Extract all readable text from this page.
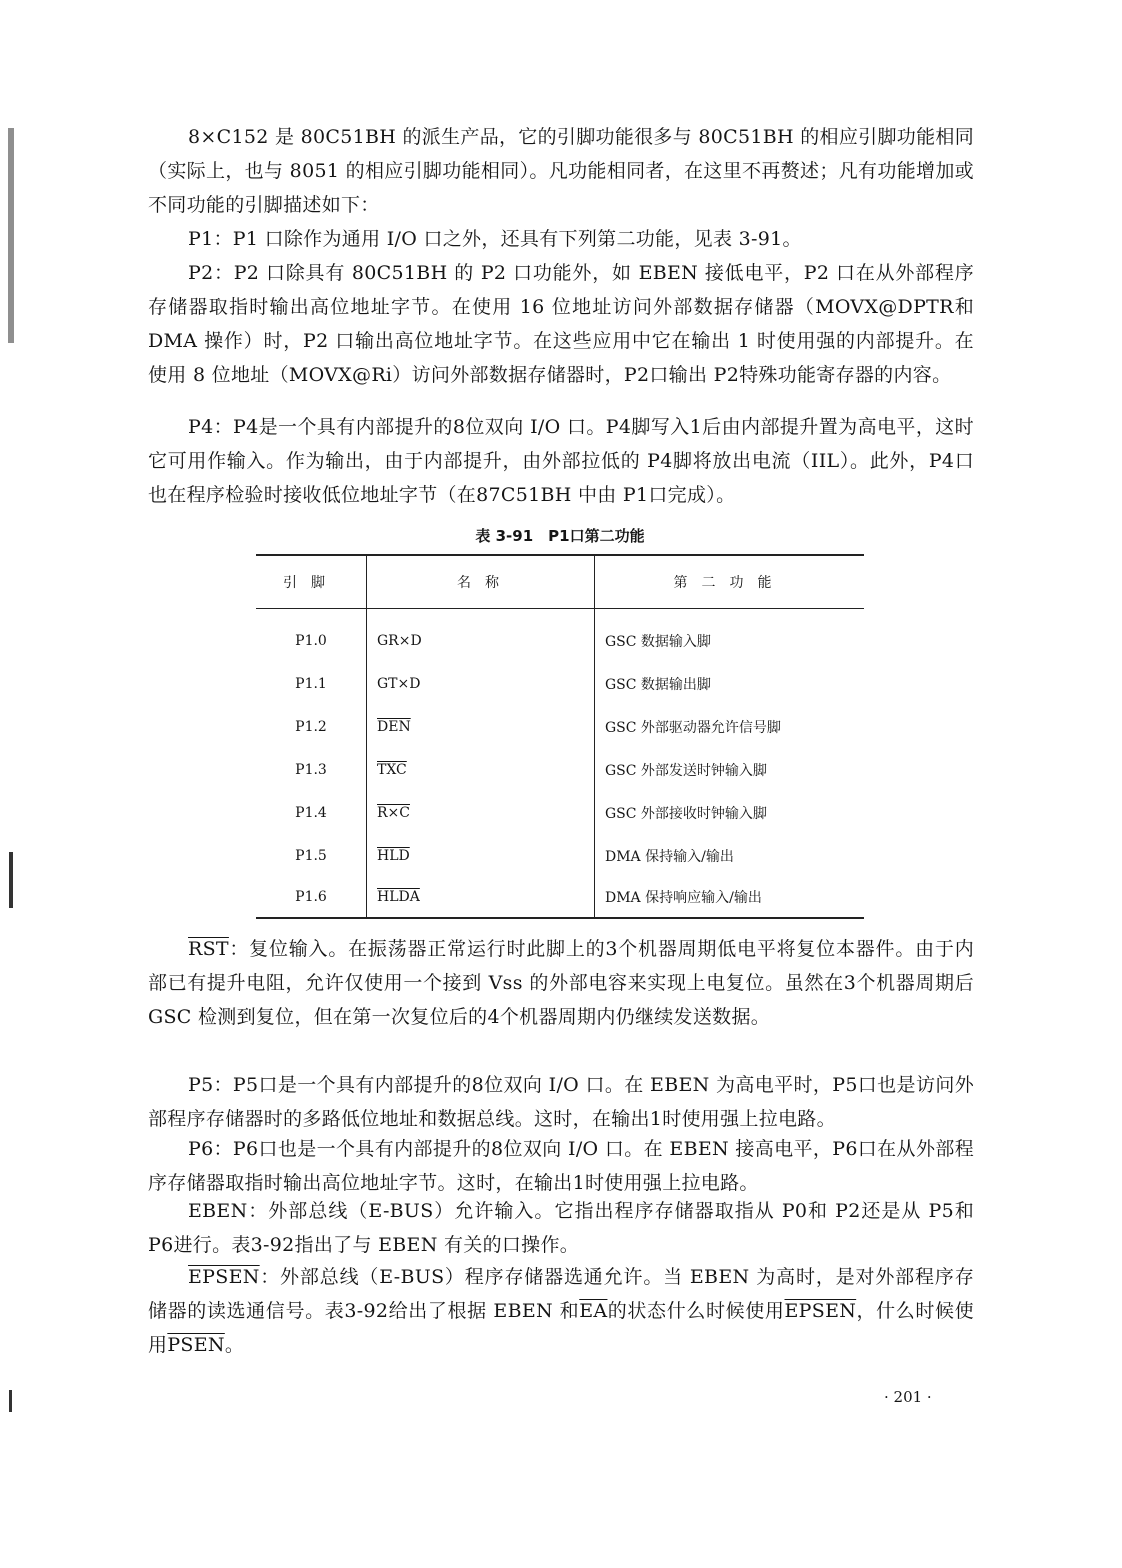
8×C152 是 80C51BH 的派生产品，它的引脚功能很多与 80C51BH 的相应引脚功能相同（实际上，也与 8051 的相应引脚功能相同）。凡功能相同者，在这里不再赘述；凡有功能增加或不同功能的引脚描述如下：

P1：P1 口除作为通用 I/O 口之外，还具有下列第二功能，见表 3-91。

P2：P2 口除具有 80C51BH 的 P2 口功能外，如 EBEN 接低电平，P2 口在从外部程序存储器取指时输出高位地址字节。在使用 16 位地址访问外部数据存储器（MOVX@DPTR和 DMA 操作）时，P2 口输出高位地址字节。在这些应用中它在输出 1 时使用强的内部提升。在使用 8 位地址（MOVX@Ri）访问外部数据存储器时，P2口输出 P2特殊功能寄存器的内容。

P4：P4是一个具有内部提升的8位双向 I/O 口。P4脚写入1后由内部提升置为高电平，这时它可用作输入。作为输出，由于内部提升，由外部拉低的 P4脚将放出电流（IIL）。此外，P4口也在程序检验时接收低位地址字节（在87C51BH 中由 P1口完成）。

表 3-91　P1口第二功能
引脚	名称	第二功能
P1.0	GR×D	GSC 数据输入脚
P1.1	GT×D	GSC 数据输出脚
P1.2	$\overline{DEN}$	GSC 外部驱动器允许信号脚
P1.3	$\overline{TXC}$	GSC 外部发送时钟输入脚
P1.4	R×C	GSC 外部接收时钟输入脚
P1.5	$\overline{HLD}$	DMA 保持输入/输出
P1.6	HLDA	DMA 保持响应输入/输出

$\overline{RST}$：复位输入。在振荡器正常运行时此脚上的3个机器周期低电平将复位本器件。由于内部已有提升电阻，允许仅使用一个接到 Vss 的外部电容来实现上电复位。虽然在3个机器周期后 GSC 检测到复位，但在第一次复位后的4个机器周期内仍继续发送数据。

P5：P5口是一个具有内部提升的8位双向 I/O 口。在 EBEN 为高电平时，P5口也是访问外部程序存储器时的多路低位地址和数据总线。这时，在输出1时使用强上拉电路。

P6：P6口也是一个具有内部提升的8位双向 I/O 口。在 EBEN 接高电平，P6口在从外部程序存储器取指时输出高位地址字节。这时，在输出1时使用强上拉电路。

EBEN：外部总线（E-BUS）允许输入。它指出程序存储器取指从 P0和 P2还是从 P5和 P6进行。表3-92指出了与 EBEN 有关的口操作。

EPSEN：外部总线（E-BUS）程序存储器选通允许。当 EBEN 为高时，是对外部程序存储器的读选通信号。表3-92给出了根据 EBEN 和$\overline{EA}$的状态什么时候使用EPSEN，什么时候使用PSEN。

· 201 ·
